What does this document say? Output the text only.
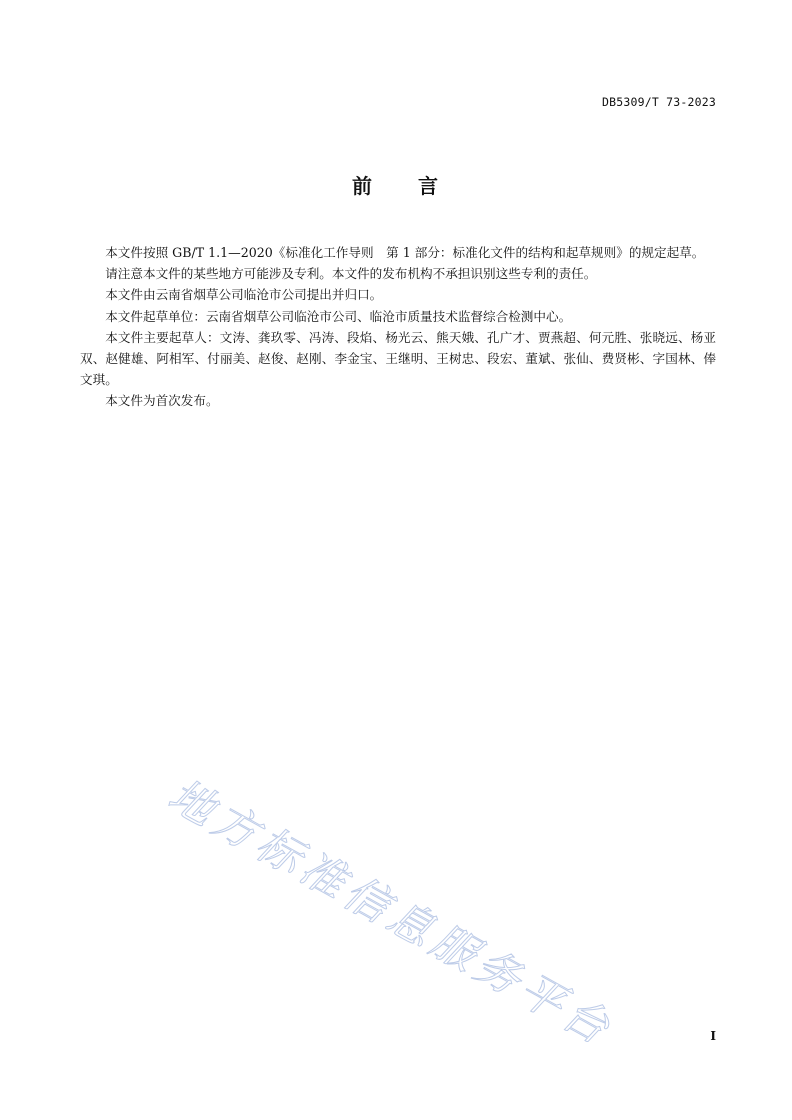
DB5309/T 73-2023
前 言

本文件按照 GB/T 1.1—2020《标准化工作导则　第 1 部分：标准化文件的结构和起草规则》的规定起草。

请注意本文件的某些地方可能涉及专利。本文件的发布机构不承担识别这些专利的责任。

本文件由云南省烟草公司临沧市公司提出并归口。

本文件起草单位：云南省烟草公司临沧市公司、临沧市质量技术监督综合检测中心。

本文件主要起草人：文涛、龚玖零、冯涛、段焰、杨光云、熊天娥、孔广才、贾燕超、何元胜、张晓远、杨亚双、赵健雄、阿相军、付丽美、赵俊、赵刚、李金宝、王继明、王树忠、段宏、董斌、张仙、费贤彬、字国林、俸文琪。

本文件为首次发布。

地方标准信息服务平台	I
